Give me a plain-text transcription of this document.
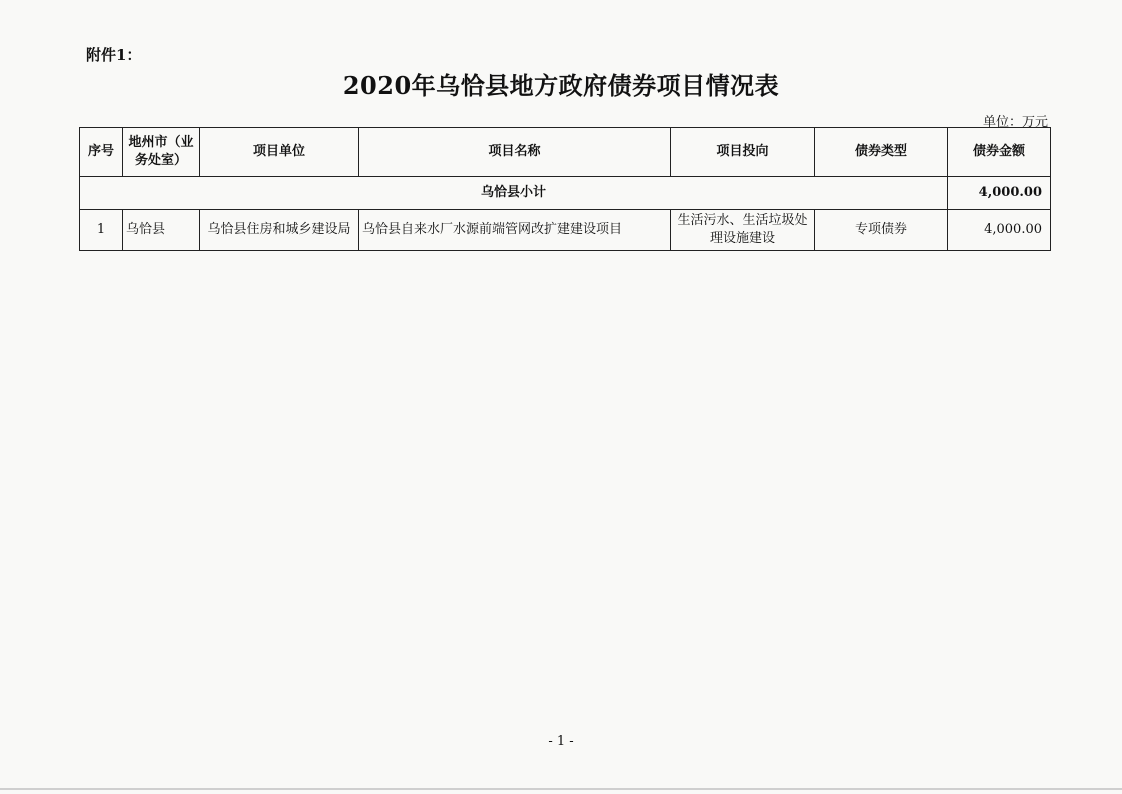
附件1：
2020年乌恰县地方政府债券项目情况表
单位：万元
序号	地州市（业务处室）	项目单位	项目名称	项目投向	债券类型	债券金额
乌恰县小计						4,000.00
1	乌恰县	乌恰县住房和城乡建设局	乌恰县自来水厂水源前端管网改扩建建设项目	生活污水、生活垃圾处理设施建设	专项债券	4,000.00
- 1 -
